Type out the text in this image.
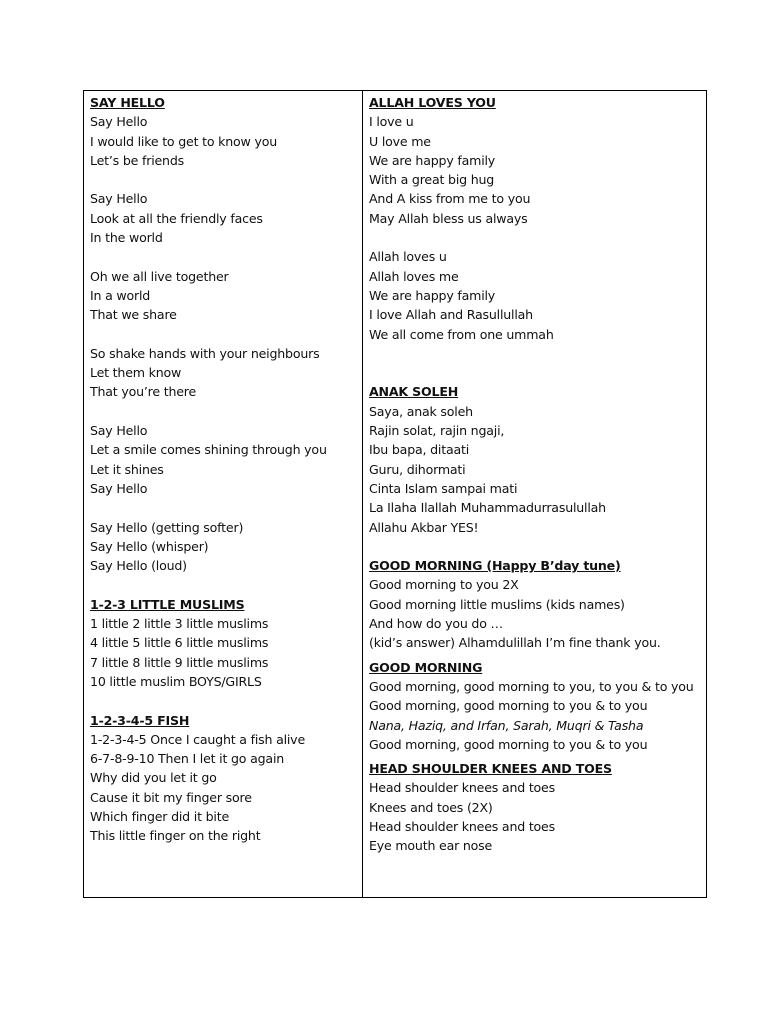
SAY HELLO
Say Hello
I would like to get to know you
Let’s be friends
Say Hello
Look at all the friendly faces
In the world
Oh we all live together
In a world
That we share
So shake hands with your neighbours
Let them know
That you’re there
Say Hello
Let a smile comes shining through you
Let it shines
Say Hello
Say Hello (getting softer)
Say Hello (whisper)
Say Hello (loud)
1-2-3 LITTLE MUSLIMS
1 little 2 little 3 little muslims
4 little 5 little 6 little muslims
7 little 8 little 9 little muslims
10 little muslim BOYS/GIRLS
1-2-3-4-5 FISH
1-2-3-4-5 Once I caught a fish alive
6-7-8-9-10 Then I let it go again
Why did you let it go
Cause it bit my finger sore
Which finger did it bite
This little finger on the right
ALLAH LOVES YOU
I love u
U love me
We are happy family
With a great big hug
And A kiss from me to you
May Allah bless us always
Allah loves u
Allah loves me
We are happy family
I love Allah and Rasullullah
We all come from one ummah
ANAK SOLEH
Saya, anak soleh
Rajin solat, rajin ngaji,
Ibu bapa, ditaati
Guru, dihormati
Cinta Islam sampai mati
La Ilaha Ilallah Muhammadurrasulullah
Allahu Akbar YES!
GOOD MORNING (Happy B’day tune)
Good morning to you 2X
Good morning little muslims (kids names)
And how do you do …
(kid’s answer) Alhamdulillah I’m fine thank you.
GOOD MORNING
Good morning, good morning to you, to you & to you
Good morning, good morning to you & to you
Nana, Haziq, and Irfan, Sarah, Muqri & Tasha
Good morning, good morning to you & to you
HEAD SHOULDER KNEES AND TOES
Head shoulder knees and toes
Knees and toes (2X)
Head shoulder knees and toes
Eye mouth ear nose
